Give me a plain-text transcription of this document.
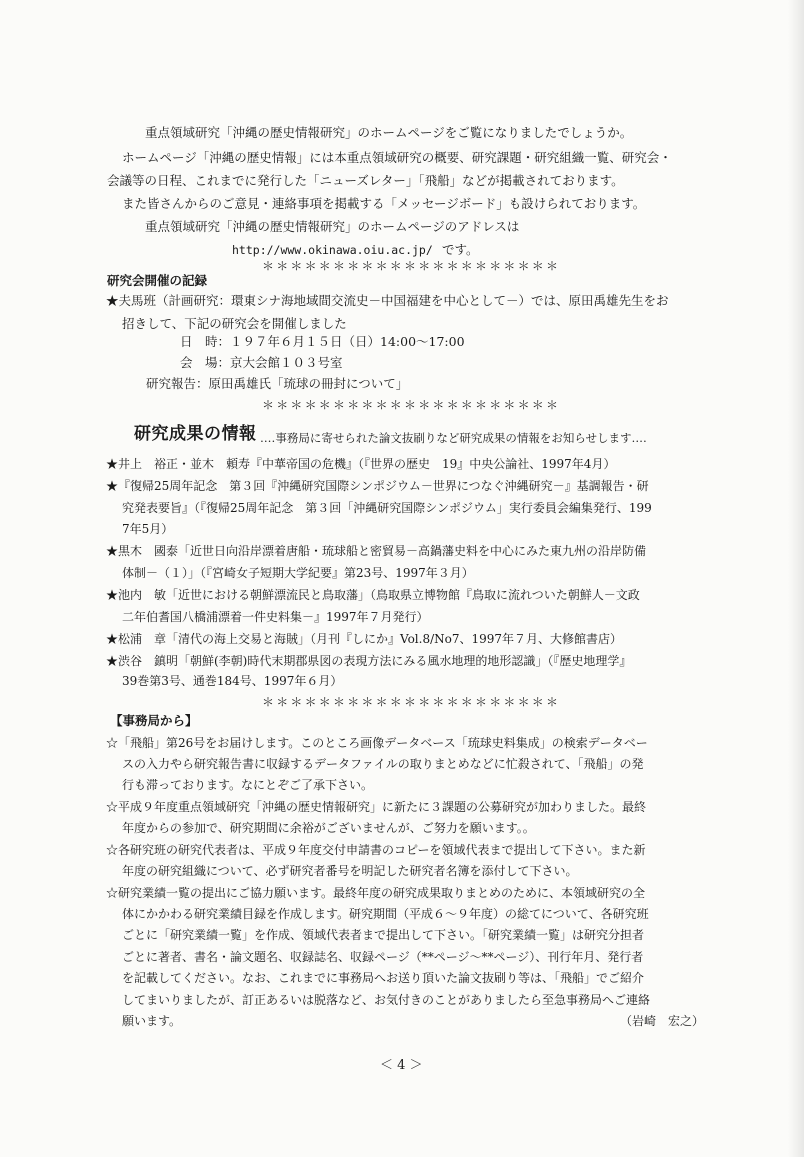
重点領域研究「沖縄の歴史情報研究」のホームページをご覧になりましたでしょうか。
ホームページ「沖縄の歴史情報」には本重点領域研究の概要、研究課題・研究組織一覧、研究会・
会議等の日程、これまでに発行した「ニューズレター」「飛船」などが掲載されております。
また皆さんからのご意見・連絡事項を掲載する「メッセージボード」も設けられております。
重点領域研究「沖縄の歴史情報研究」のホームページのアドレスは
http://www.okinawa.oiu.ac.jp/ です。
＊＊＊＊＊＊＊＊＊＊＊＊＊＊＊＊＊＊＊＊＊
研究会開催の記録
★夫馬班（計画研究：環東シナ海地域間交流史－中国福建を中心として－）では、原田禹雄先生をお
招きして、下記の研究会を開催しました
日　時：１９７年６月１５日（日）14:00～17:00
会　場：京大会館１０３号室
研究報告：原田禹雄氏「琉球の冊封について」
＊＊＊＊＊＊＊＊＊＊＊＊＊＊＊＊＊＊＊＊＊
研究成果の情報 ‥‥事務局に寄せられた論文抜刷りなど研究成果の情報をお知らせします‥‥
★井上　裕正・並木　頼寿『中華帝国の危機』（『世界の歴史　19』中央公論社、1997年4月）
★『復帰25周年記念　第３回『沖縄研究国際シンポジウム－世界につなぐ沖縄研究－』基調報告・研
究発表要旨』（『復帰25周年記念　第３回「沖縄研究国際シンポジウム」実行委員会編集発行、199
7年5月）
★黒木　國泰「近世日向沿岸漂着唐船・琉球船と密貿易－高鍋藩史料を中心にみた東九州の沿岸防備
体制－（１）」（『宮崎女子短期大学紀要』第23号、1997年３月）
★池内　敏「近世における朝鮮漂流民と鳥取藩」（鳥取県立博物館『鳥取に流れついた朝鮮人－文政
二年伯耆国八橋浦漂着一件史料集－』1997年７月発行）
★松浦　章「清代の海上交易と海賊」（月刊『しにか』Vol.8/No7、1997年７月、大修館書店）
★渋谷　鎮明「朝鮮(李朝)時代末期郡県図の表現方法にみる風水地理的地形認識」（『歴史地理学』
39巻第3号、通巻184号、1997年６月）
＊＊＊＊＊＊＊＊＊＊＊＊＊＊＊＊＊＊＊＊＊
【事務局から】
☆「飛船」第26号をお届けします。このところ画像データベース「琉球史料集成」の検索データベー
スの入力やら研究報告書に収録するデータファイルの取りまとめなどに忙殺されて、「飛船」の発
行も滞っております。なにとぞご了承下さい。
☆平成９年度重点領域研究「沖縄の歴史情報研究」に新たに３課題の公募研究が加わりました。最終
年度からの参加で、研究期間に余裕がございませんが、ご努力を願います。。
☆各研究班の研究代表者は、平成９年度交付申請書のコピーを領域代表まで提出して下さい。また新
年度の研究組織について、必ず研究者番号を明記した研究者名簿を添付して下さい。
☆研究業績一覧の提出にご協力願います。最終年度の研究成果取りまとめのために、本領域研究の全
体にかかわる研究業績目録を作成します。研究期間（平成６～９年度）の総てについて、各研究班
ごとに「研究業績一覧」を作成、領域代表者まで提出して下さい。「研究業績一覧」は研究分担者
ごとに著者、書名・論文題名、収録誌名、収録ページ（**ページ～**ページ）、刊行年月、発行者
を記載してください。なお、これまでに事務局へお送り頂いた論文抜刷り等は、「飛船」でご紹介
してまいりましたが、訂正あるいは脱落など、お気付きのことがありましたら至急事務局へご連絡
願います。	（岩崎　宏之）
＜ 4 ＞
